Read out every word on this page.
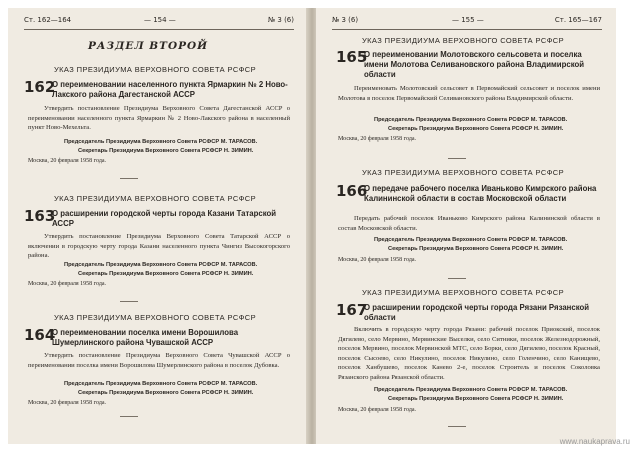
Ст. 162—164	— 154 —	№ 3 (6)
РАЗДЕЛ ВТОРОЙ
УКАЗ ПРЕЗИДИУМА ВЕРХОВНОГО СОВЕТА РСФСР
162
О переименовании населенного пункта Ярмаркин № 2 Ново-Лакского района Дагестанской АССР
Утвердить постановление Президиума Верховного Совета Дагестанской АССР о переименовании населенного пункта Ярмаркин № 2 Ново-Лакского района в населенный пункт Ново-Мехельта.
Председатель Президиума Верховного Совета РСФСР М. ТАРАСОВ.
Секретарь Президиума Верховного Совета РСФСР Н. ЗИМИН.
Москва, 20 февраля 1958 года.
УКАЗ ПРЕЗИДИУМА ВЕРХОВНОГО СОВЕТА РСФСР
163
О расширении городской черты города Казани Татарской АССР
Утвердить постановление Президиума Верховного Совета Татарской АССР о включении в городскую черту города Казани населенного пункта Чингиз Высокогорского района.
Председатель Президиума Верховного Совета РСФСР М. ТАРАСОВ.
Секретарь Президиума Верховного Совета РСФСР Н. ЗИМИН.
Москва, 20 февраля 1958 года.
УКАЗ ПРЕЗИДИУМА ВЕРХОВНОГО СОВЕТА РСФСР
164
О переименовании поселка имени Ворошилова Шумерлинского района Чувашской АССР
Утвердить постановление Президиума Верховного Совета Чувашской АССР о переименовании поселка имени Ворошилова Шумерлинского района в поселок Дубовка.
Председатель Президиума Верховного Совета РСФСР М. ТАРАСОВ.
Секретарь Президиума Верховного Совета РСФСР Н. ЗИМИН.
Москва, 20 февраля 1958 года.
№ 3 (6)	— 155 —	Ст. 165—167
УКАЗ ПРЕЗИДИУМА ВЕРХОВНОГО СОВЕТА РСФСР
165
О переименовании Молотовского сельсовета и поселка имени Молотова Селивановского района Владимирской области
Переименовать Молотовский сельсовет в Первомайский сельсовет и поселок имени Молотова в поселок Первомайский Селивановского района Владимирской области.
Председатель Президиума Верховного Совета РСФСР М. ТАРАСОВ.
Секретарь Президиума Верховного Совета РСФСР Н. ЗИМИН.
Москва, 20 февраля 1958 года.
УКАЗ ПРЕЗИДИУМА ВЕРХОВНОГО СОВЕТА РСФСР
166
О передаче рабочего поселка Иваньково Кимрского района Калининской области в состав Московской области
Передать рабочий поселок Иваньково Кимрского района Калининской области в состав Московской области.
Председатель Президиума Верховного Совета РСФСР М. ТАРАСОВ.
Секретарь Президиума Верховного Совета РСФСР Н. ЗИМИН.
Москва, 20 февраля 1958 года.
УКАЗ ПРЕЗИДИУМА ВЕРХОВНОГО СОВЕТА РСФСР
167
О расширении городской черты города Рязани Рязанской области
Включить в городскую черту города Рязани: рабочий поселок Приокский, поселок Дягилево, село Мервино, Мервинские Выселки, село Ситники, поселок Железнодорожный, поселок Мервино, поселок Мервинской МТС, село Борки, село Дягилево, поселок Красный, поселок Сысоево, село Никулино, поселок Никулино, село Голенчино, село Канищево, поселок Ханбушево, поселок Канево 2-е, поселок Строитель и поселок Соколовка Рязанского района Рязанской области.
Председатель Президиума Верховного Совета РСФСР М. ТАРАСОВ.
Секретарь Президиума Верховного Совета РСФСР Н. ЗИМИН.
Москва, 20 февраля 1958 года.
www.naukaprava.ru
